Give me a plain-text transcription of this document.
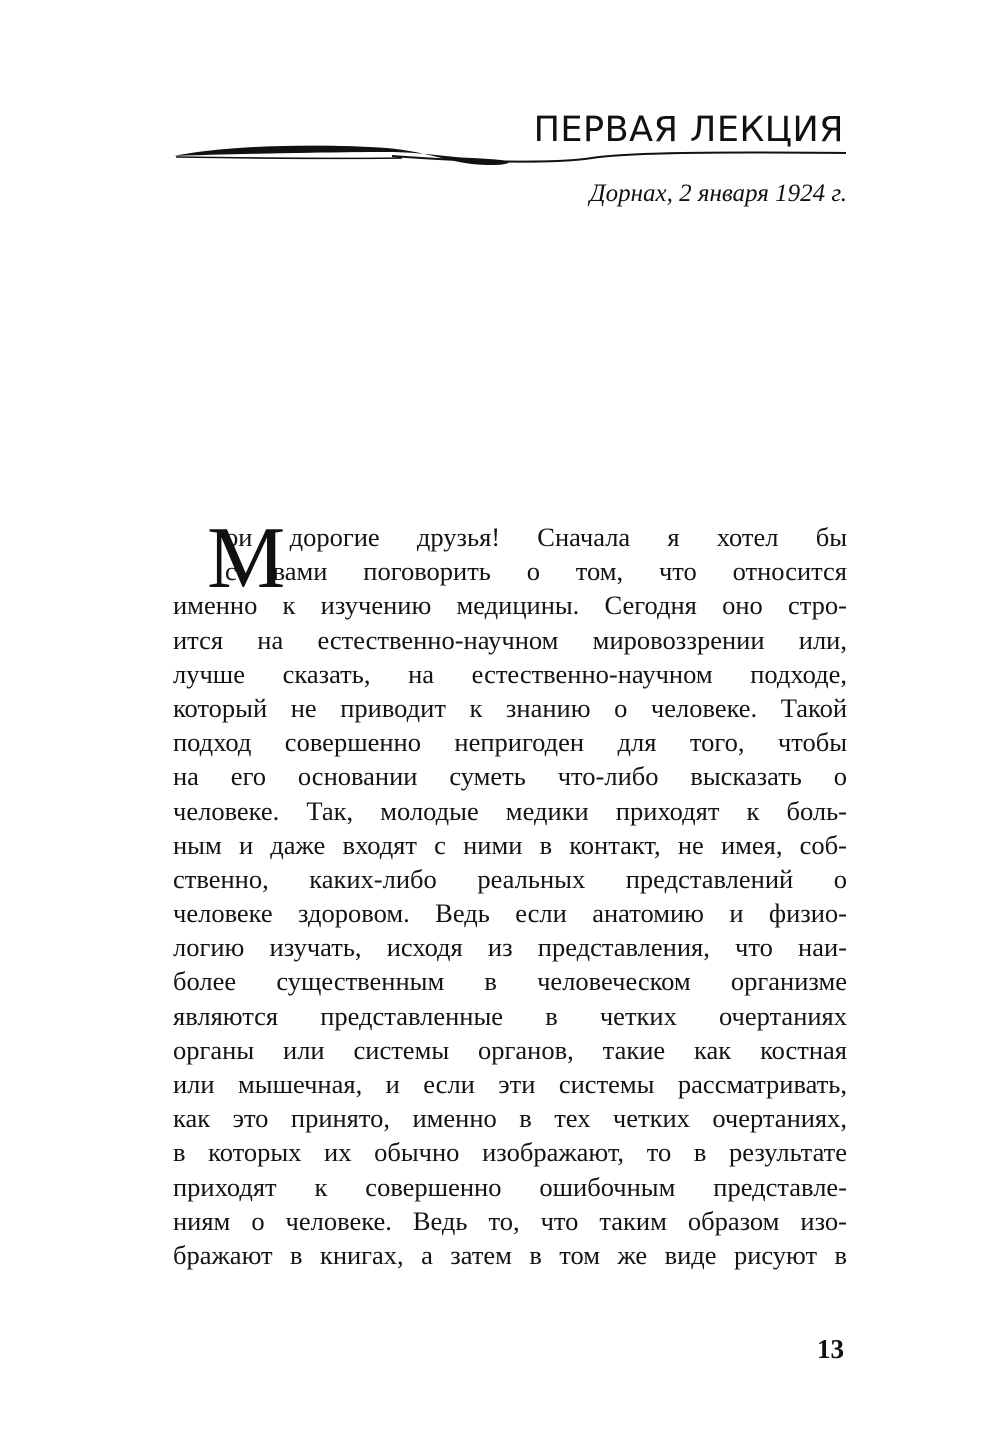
ПЕРВАЯ ЛЕКЦИЯ
Дорнах, 2 января 1924 г.
М
ои дорогие друзья! Сначала я хотел бы
с вами поговорить о том, что относится
именно к изучению медицины. Сегодня оно стро-
ится на естественно-научном мировоззрении или,
лучше сказать, на естественно-научном подходе,
который не приводит к знанию о человеке. Такой
подход совершенно непригоден для того, чтобы
на его основании суметь что-либо высказать о
человеке. Так, молодые медики приходят к боль-
ным и даже входят с ними в контакт, не имея, соб-
ственно, каких-либо реальных представлений о
человеке здоровом. Ведь если анатомию и физио-
логию изучать, исходя из представления, что наи-
более существенным в человеческом организме
являются представленные в четких очертаниях
органы или системы органов, такие как костная
или мышечная, и если эти системы рассматривать,
как это принято, именно в тех четких очертаниях,
в которых их обычно изображают, то в результате
приходят к совершенно ошибочным представле-
ниям о человеке. Ведь то, что таким образом изо-
бражают в книгах, а затем в том же виде рисуют в
13
